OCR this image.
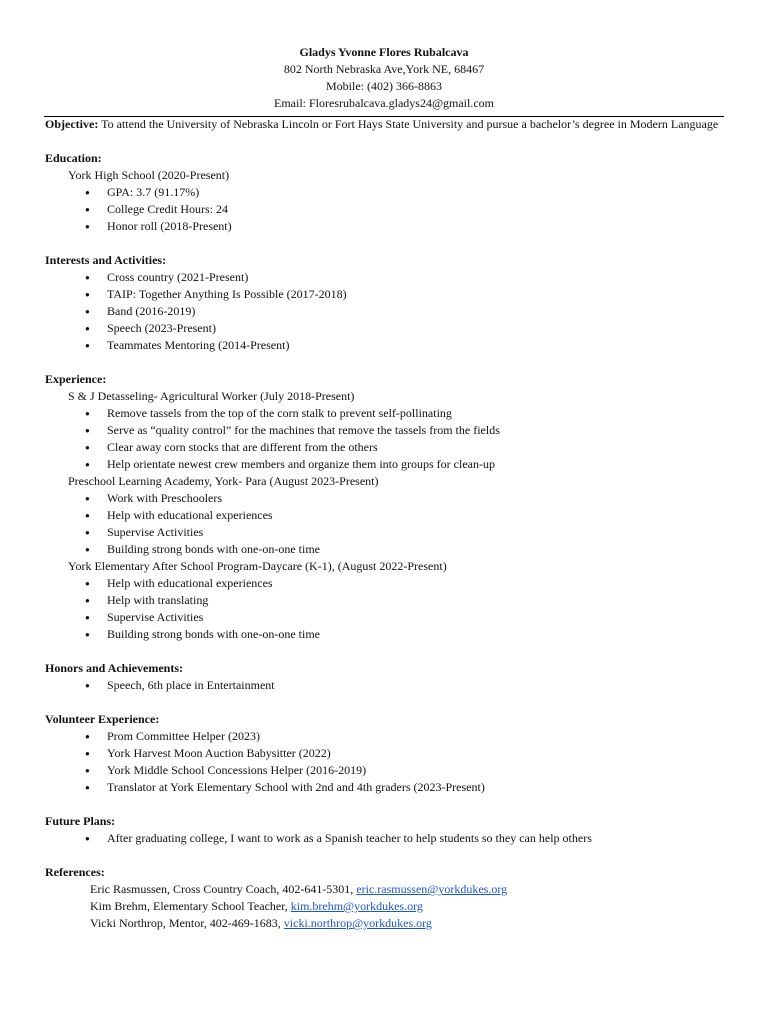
Gladys Yvonne Flores Rubalcava
802 North Nebraska Ave,York NE, 68467
Mobile: (402) 366-8863
Email: Floresrubalcava.gladys24@gmail.com

Objective: To attend the University of Nebraska Lincoln or Fort Hays State University and pursue a bachelor’s degree in Modern Language

Education:

York High School (2020-Present)

● GPA: 3.7 (91.17%)
● College Credit Hours: 24
● Honor roll (2018-Present)

Interests and Activities:

● Cross country (2021-Present)
● TAIP: Together Anything Is Possible (2017-2018)
● Band (2016-2019)
● Speech (2023-Present)
● Teammates Mentoring (2014-Present)

Experience:

S & J Detasseling- Agricultural Worker (July 2018-Present)

● Remove tassels from the top of the corn stalk to prevent self-pollinating
● Serve as “quality control” for the machines that remove the tassels from the fields
● Clear away corn stocks that are different from the others
● Help orientate newest crew members and organize them into groups for clean-up

Preschool Learning Academy, York- Para (August 2023-Present)

● Work with Preschoolers
● Help with educational experiences
● Supervise Activities
● Building strong bonds with one-on-one time

York Elementary After School Program-Daycare (K-1), (August 2022-Present)

● Help with educational experiences
● Help with translating
● Supervise Activities
● Building strong bonds with one-on-one time

Honors and Achievements:

● Speech, 6th place in Entertainment

Volunteer Experience:

● Prom Committee Helper (2023)
● York Harvest Moon Auction Babysitter (2022)
● York Middle School Concessions Helper (2016-2019)
● Translator at York Elementary School with 2nd and 4th graders (2023-Present)

Future Plans:

● After graduating college, I want to work as a Spanish teacher to help students so they can help others

References:

Eric Rasmussen, Cross Country Coach, 402-641-5301, eric.rasmussen@yorkdukes.org
Kim Brehm, Elementary School Teacher, kim.brehm@yorkdukes.org
Vicki Northrop, Mentor, 402-469-1683, vicki.northrop@yorkdukes.org
